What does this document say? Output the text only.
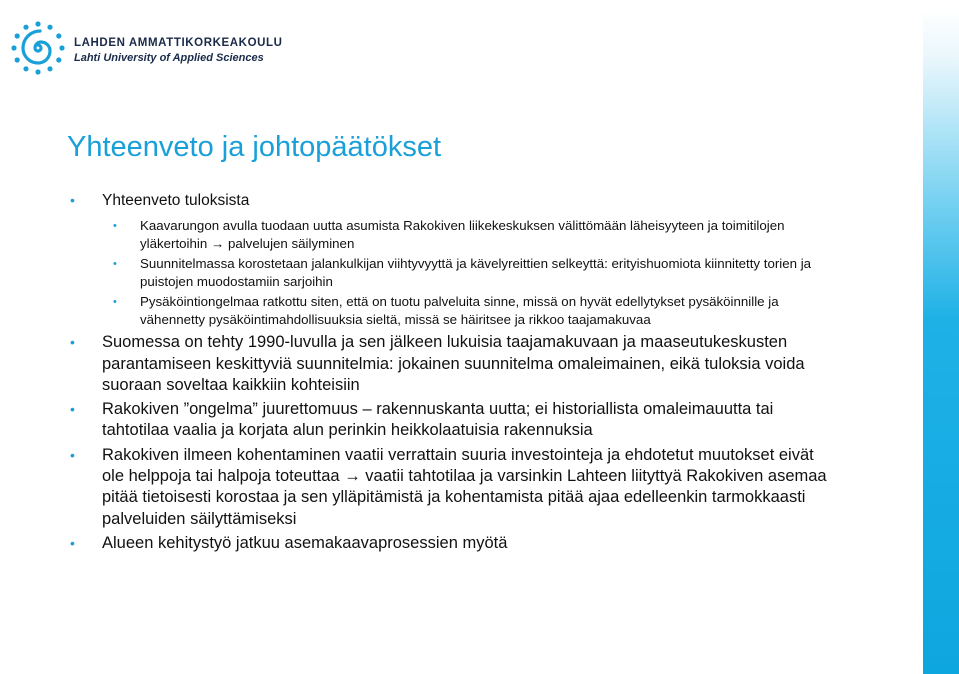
LAHDEN AMMATTIKORKEAKOULU
Lahti University of Applied Sciences
Yhteenveto ja johtopäätökset
• Yhteenveto tuloksista
• Kaavarungon avulla tuodaan uutta asumista Rakokiven liikekeskuksen välittömään läheisyyteen ja toimitilojen yläkertoihin → palvelujen säilyminen
• Suunnitelmassa korostetaan jalankulkijan viihtyvyyttä ja kävelyreittien selkeyttä: erityishuomiota kiinnitetty torien ja puistojen muodostamiin sarjoihin
• Pysäköintiongelmaa ratkottu siten, että on tuotu palveluita sinne, missä on hyvät edellytykset pysäköinnille ja vähennetty pysäköintimahdollisuuksia sieltä, missä se häiritsee ja rikkoo taajamakuvaa
• Suomessa on tehty 1990-luvulla ja sen jälkeen lukuisia taajamakuvaan ja maaseutukeskusten parantamiseen keskittyviä suunnitelmia: jokainen suunnitelma omaleimainen, eikä tuloksia voida suoraan soveltaa kaikkiin kohteisiin
• Rakokiven ”ongelma” juurettomuus – rakennuskanta uutta; ei historiallista omaleimauutta tai tahtotilaa vaalia ja korjata alun perinkin heikkolaatuisia rakennuksia
• Rakokiven ilmeen kohentaminen vaatii verrattain suuria investointeja ja ehdotetut muutokset eivät ole helppoja tai halpoja toteuttaa → vaatii tahtotilaa ja varsinkin Lahteen liityttyä Rakokiven asemaa pitää tietoisesti korostaa ja sen ylläpitämistä ja kohentamista pitää ajaa edelleenkin tarmokkaasti palveluiden säilyttämiseksi
• Alueen kehitystyö jatkuu asemakaavaprosessien myötä
